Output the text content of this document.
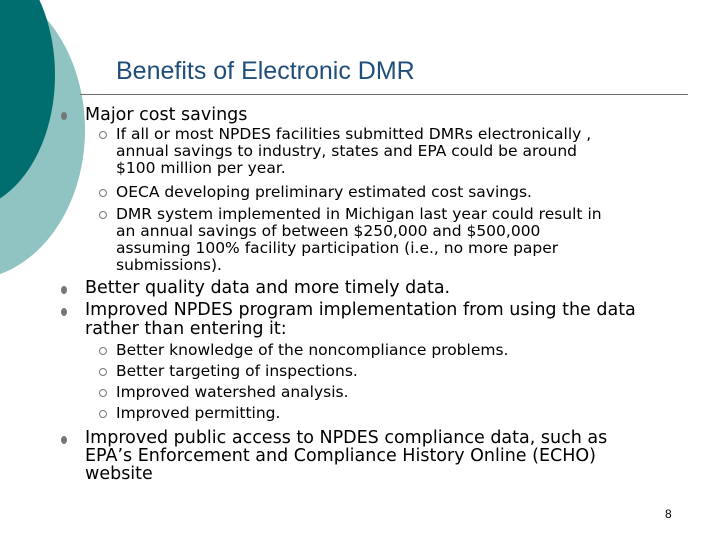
Benefits of Electronic DMR
Major cost savings
If all or most NPDES facilities submitted DMRs electronically ,
annual savings to industry, states and EPA could be around
$100 million per year.
OECA developing preliminary estimated cost savings.
DMR system implemented in Michigan last year could result in
an annual savings of between $250,000 and $500,000
assuming 100% facility participation (i.e., no more paper
submissions).
Better quality data and more timely data.
Improved NPDES program implementation from using the data
rather than entering it:
Better knowledge of the noncompliance problems.
Better targeting of inspections.
Improved watershed analysis.
Improved permitting.
Improved public access to NPDES compliance data, such as
EPA’s Enforcement and Compliance History Online (ECHO)
website
8
